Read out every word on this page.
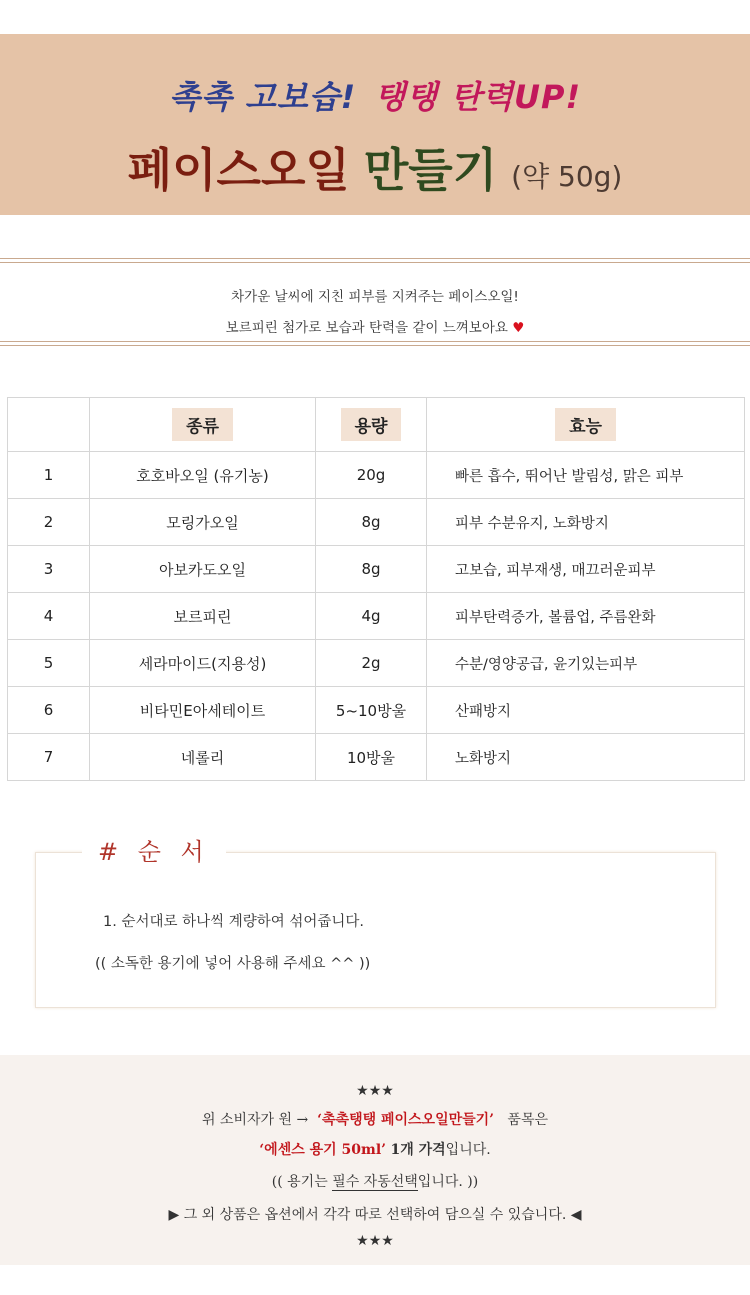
촉촉 고보습! 탱탱 탄력UP!
페이스오일 만들기 (약 50g)
차가운 날씨에 지친 피부를 지켜주는 페이스오일!
보르피린 첨가로 보습과 탄력을 같이 느껴보아요 ♥
	종류	용량	효능
1	호호바오일 (유기농)	20g	빠른 흡수, 뛰어난 발림성, 맑은 피부
2	모링가오일	8g	피부 수분유지, 노화방지
3	아보카도오일	8g	고보습, 피부재생, 매끄러운피부
4	보르피린	4g	피부탄력증가, 볼륨업, 주름완화
5	세라마이드(지용성)	2g	수분/영양공급, 윤기있는피부
6	비타민E아세테이트	5~10방울	산패방지
7	네롤리	10방울	노화방지
# 순 서
1. 순서대로 하나씩 계량하여 섞어줍니다.
(( 소독한 용기에 넣어 사용해 주세요 ^^ ))
★★★
위 소비자가 원 → ‘촉촉탱탱 페이스오일만들기’ 품목은
‘에센스 용기 50ml’ 1개 가격입니다.
(( 용기는 필수 자동선택입니다. ))
▶ 그 외 상품은 옵션에서 각각 따로 선택하여 담으실 수 있습니다. ◀
★★★
